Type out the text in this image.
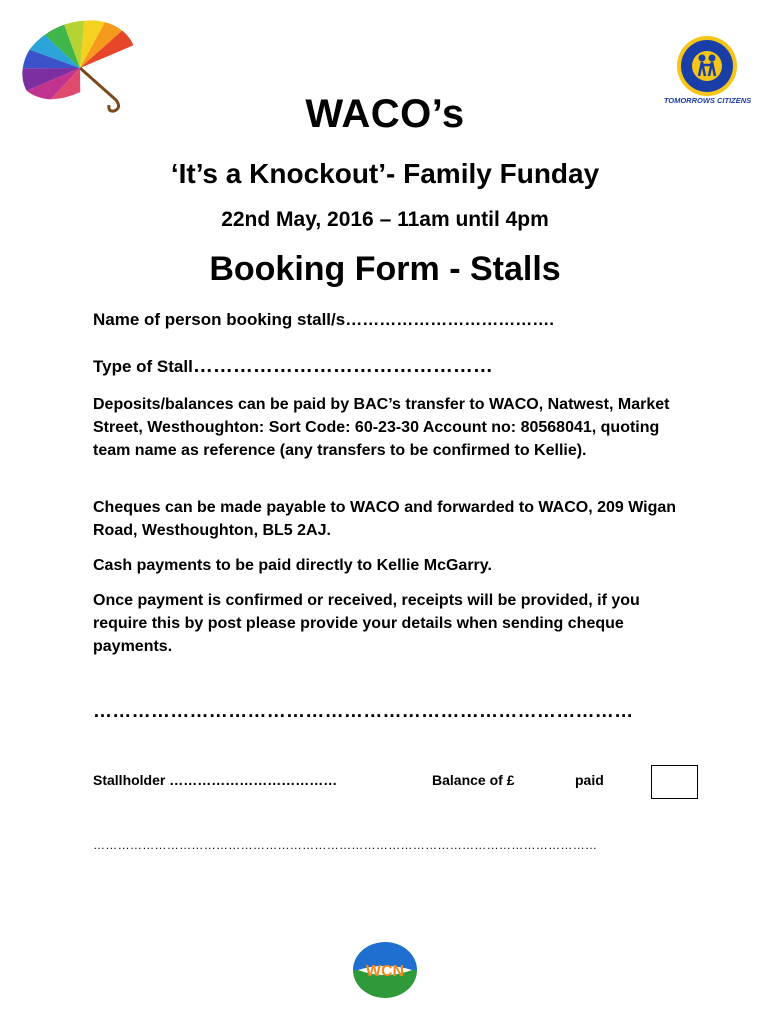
TOMORROWS CITIZENS
WACO’s
‘It’s a Knockout’- Family Funday
22nd May, 2016 – 11am until 4pm
Booking Form - Stalls
Name of person booking stall/s……………………………….
Type of Stall………………………………………

Deposits/balances can be paid by BAC’s transfer to WACO, Natwest, Market Street, Westhoughton: Sort Code: 60-23-30 Account no: 80568041, quoting team name as reference (any transfers to be confirmed to Kellie).

Cheques can be made payable to WACO and forwarded to WACO, 209 Wigan Road, Westhoughton, BL5 2AJ.

Cash payments to be paid directly to Kellie McGarry.

Once payment is confirmed or received, receipts will be provided, if you require this by post please provide your details when sending cheque payments.

…………………………………………………………………………
Stallholder ………………………………	Balance of £	paid
……………………………………………………………………………………………………………
WCN
